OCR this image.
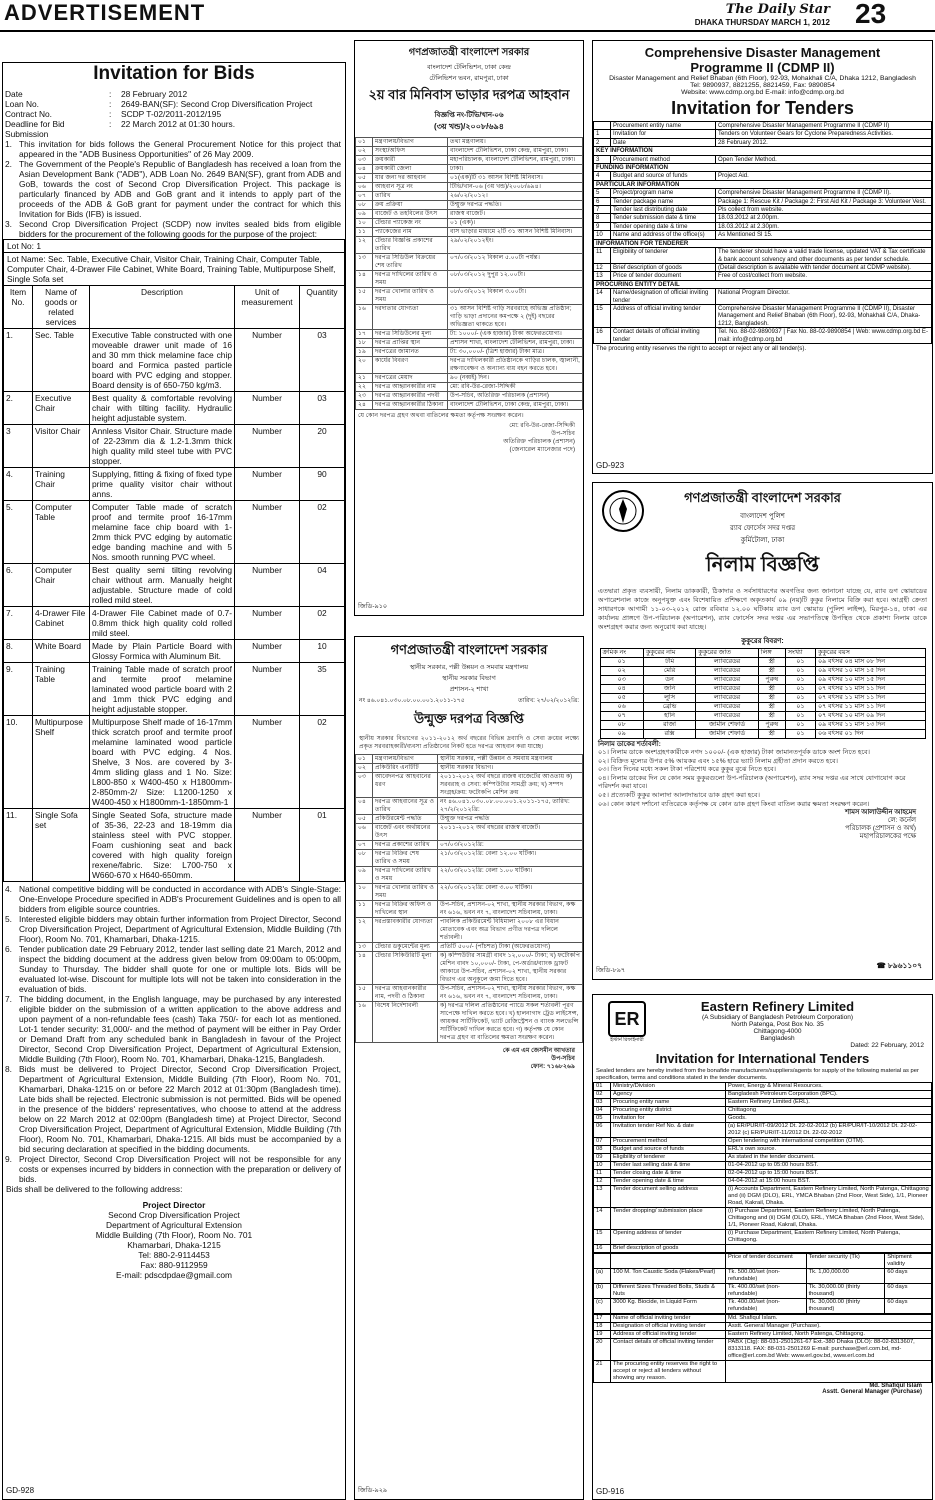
ADVERTISEMENT	The Daily Star
DHAKA THURSDAY MARCH 1, 2012 23
Invitation for Bids
Date	:	28 February 2012
Loan No.	:	2649-BAN(SF): Second Crop Diversification Project
Contract No.	:	SCDP T-02/2011-2012/195
Deadline for Bid Submission	:	22 March 2012 at 01:30 hours.

1. This invitation for bids follows the General Procurement Notice for this project that appeared in the "ADB Business Opportunities" of 26 May 2009.

2. The Government of the People's Republic of Bangladesh has received a loan from the Asian Development Bank ("ADB"), ADB Loan No. 2649 BAN(SF), grant from ADB and GoB, towards the cost of Second Crop Diversification Project. This package is particularly financed by ADB and GoB grant and it intends to apply part of the proceeds of the ADB & GoB grant for payment under the contract for which this Invitation for Bids (IFB) is issued.

3. Second Crop Diversification Project (SCDP) now invites sealed bids from eligible bidders for the procurement of the following goods for the purpose of the project:

Lot No: 1
Lot Name: Sec. Table, Executive Chair, Visitor Chair, Training Chair, Computer Table, Computer Chair, 4-Drawer File Cabinet, White Board, Training Table, Multipurpose Shelf, Single Sofa set
Item No.	Name of goods or related services	Description	Unit of measurement	Quantity
1.	Sec. Table	Executive Table constructed with one moveable drawer unit made of 16 and 30 mm thick melamine face chip board and Formica pasted particle board with PVC edging and stopper. Board density is of 650-750 kg/m3.	Number	03
2.	Executive Chair	Best quality & comfortable revolving chair with tilting facility. Hydraulic height adjustable system.	Number	03
3	Visitor Chair	Annless Visitor Chair. Structure made of 22-23mm dia & 1.2-1.3mm thick high quality mild steel tube with PVC stopper.	Number	20
4.	Training Chair	Supplying, fitting & fixing of fixed type prime quality visitor chair without anns.	Number	90
5.	Computer Table	Computer Table made of scratch proof and termite proof 16-17mm melamine face chip board with 1-2mm thick PVC edging by automatic edge banding machine and with 5 Nos. smooth running PVC wheel.	Number	02
6.	Computer Chair	Best quality semi tilting revolving chair without arm. Manually height adjustable. Structure made of cold rolled mild steel.	Number	04
7.	4-Drawer File Cabinet	4-Drawer File Cabinet made of 0.7-0.8mm thick high quality cold rolled mild steel.	Number	02
8.	White Board	Made by Plain Particle Board with Glossy Formica with Aluminum Bit.	Number	10
9.	Training Table	Training Table made of scratch proof and termite proof melamine laminated wood particle board with 2 and 1mm thick PVC edging and height adjustable stopper.	Number	35
10.	Multipurpose Shelf	Multipurpose Shelf made of 16-17mm thick scratch proof and termite proof melamine laminated wood particle board with PVC edging. 4 Nos. Shelve, 3 Nos. are covered by 3-4mm sliding glass and 1 No. Size: L800-850 x W400-450 x H1800mm-2-850mm-2/ Size: L1200-1250 x W400-450 x H1800mm-1-1850mm-1	Number	02
11.	Single Sofa set	Single Seated Sofa, structure made of 35-36, 22-23 and 18-19mm dia stainless steel with PVC stopper. Foam cushioning seat and back covered with high quality foreign rexene/fabric. Size: L700-750 x W660-670 x H640-650mm.	Number	01

4. National competitive bidding will be conducted in accordance with ADB's Single-Stage: One-Envelope Procedure specified in ADB's Procurement Guidelines and is open to all bidders from eligible source countries.

5. Interested eligible bidders may obtain further information from Project Director, Second Crop Diversification Project, Department of Agricultural Extension, Middle Building (7th Floor), Room No. 701, Khamarbari, Dhaka-1215.

6. Tender publication date 29 February 2012, tender last selling date 21 March, 2012 and inspect the bidding document at the address given below from 09:00am to 05:00pm, Sunday to Thursday. The bidder shall quote for one or multiple lots. Bids will be evaluated lot-wise. Discount for multiple lots will not be taken into consideration in the evaluation of bids.

7. The bidding document, in the English language, may be purchased by any interested eligible bidder on the submission of a written application to the above address and upon payment of a non-refundable fees (cash) Taka 750/- for each lot as mentioned. Lot-1 tender security: 31,000/- and the method of payment will be either in Pay Order or Demand Draft from any scheduled bank in Bangladesh in favour of the Project Director, Second Crop Diversification Project, Department of Agricultural Extension, Middle Building (7th Floor), Room No. 701, Khamarbari, Dhaka-1215, Bangladesh.

8. Bids must be delivered to Project Director, Second Crop Diversification Project, Department of Agricultural Extension, Middle Building (7th Floor), Room No. 701, Khamarbari, Dhaka-1215 on or before 22 March 2012 at 01:30pm (Bangladesh time). Late bids shall be rejected. Electronic submission is not permitted. Bids will be opened in the presence of the bidders' representatives, who choose to attend at the address below on 22 March 2012 at 02:00pm (Bangladesh time) at Project Director, Second Crop Diversification Project, Department of Agricultural Extension, Middle Building (7th Floor), Room No. 701, Khamarbari, Dhaka-1215. All bids must be accompanied by a bid securing declaration at specified in the bidding documents.

9. Project Director, Second Crop Diversification Project will not be responsible for any costs or expenses incurred by bidders in connection with the preparation or delivery of bids.

Bids shall be delivered to the following address:
Project Director
Second Crop Diversification Project
Department of Agricultural Extension
Middle Building (7th Floor), Room No. 701
Khamarbari, Dhaka-1215
Tel: 880-2-9114453
Fax: 880-9112959
E-mail: pdscdpdae@gmail.com
GD-928
গণপ্রজাতন্ত্রী বাংলাদেশ সরকার
বাংলাদেশ টেলিভিশন, ঢাকা কেন্দ্র
টেলিভিশন ভবন, রামপুরা, ঢাকা
২য় বার মিনিবাস ভাড়ার দরপত্র আহবান
বিজ্ঞপ্তি নং-টিভি/খান-০৬
(৩য় খন্ড)/২০০৮/৬৯৪
০১	মন্ত্রণালয়/বিভাগ	তথ্য মন্ত্রণালয়।
০২	সংস্থা/অফিস	বাংলাদেশ টেলিভিশন, ঢাকা কেন্দ্র, রামপুরা, ঢাকা।
০৩	ক্রয়কারী	মহাপরিচালক, বাংলাদেশ টেলিভিশন, রামপুরা, ঢাকা।
০৪	ক্রয়কারী জেলা	ঢাকা।
০৫	যার জন্য দর আহবান	০১(এক)টি ৩১ আসন বিশিষ্ট মিনিবাস।
০৬	আহবান সূত্র নং	টিভি/খান-০৬ (৩য় খন্ড)/২০০৮/৬৯৪।
০৭	তারিখ	২৬/০২/২০১২।
০৮	ক্রয় প্রক্রিয়া	উন্মুক্ত দরপত্র পদ্ধতি।
০৯	বাজেট ও তহবিলের উৎস	রাজস্ব বাজেট।
১০	টেন্ডার প্যাকেজ নং	০১ (এক)।
১১	প্যাকেজের নাম	বাস ভাড়ার মাধ্যমে ২টি ৩১ আসন বিশিষ্ট মিনিবাস।
১২	টেন্ডার বিজ্ঞপ্তি প্রকাশের তারিখ	২৯/০২/২০১২ইং।
১৩	দরপত্র সিডিউল বিক্রয়ের শেষ তারিখ	০৭/০৩/২০১২ বিকাল ৫.০০টা পর্যন্ত।
১৪	দরপত্র দাখিলের তারিখ ও সময়	০৮/০৩/২০১২ দুপুর ১২.০০টা।
১৫	দরপত্র খোলার তারিখ ও সময়	০৮/০৩/২০১২ বিকাল ৩.০০টা।
১৬	দরদাতার যোগ্যতা	৩১ আসন বিশিষ্ট গাড়ি সরবরাহে অভিজ্ঞ প্রতিষ্ঠান; গাড়ি ভাড়া প্রদানের কমপক্ষে ২ (দুই) বছরের অভিজ্ঞতা থাকতে হবে।
১৭	দরপত্র সিডিউলের মূল্য	টা: ১০০০/- (এক হাজার) টাকা অফেরতযোগ্য।
১৮	দরপত্র প্রাপ্তির স্থান	প্রশাসন শাখা, বাংলাদেশ টেলিভিশন, রামপুরা, ঢাকা।
১৯	দরপত্রের জামানত	টা: ৩০,০০০/- (ত্রিশ হাজার) টাকা মাত্র।
২০	কার্যের বিবরণ	দরপত্র দাখিলকারী প্রতিষ্ঠানকে গাড়ির চালক, জ্বালানী, রক্ষণাবেক্ষণ ও অন্যান্য ব্যয় বহন করতে হবে।
২১	দরপত্রের মেয়াদ	৯০ (নব্বই) দিন।
২২	দরপত্র আহ্বানকারীর নাম	মো: রবি-উর-রেজা-সিদ্দিকী
২৩	দরপত্র আহ্বানকারীর পদবী	উপ-সচিব, অতিরিক্ত পরিচালক (প্রশাসন)
২৪	দরপত্র আহ্বানকারীর ঠিকানা	বাংলাদেশ টেলিভিশন, ঢাকা কেন্দ্র, রামপুরা, ঢাকা।
যে কোন দরপত্র গ্রহণ অথবা বাতিলের ক্ষমতা কর্তৃপক্ষ সংরক্ষণ করেন।
মো: রবি-উর-রেজা-সিদ্দিকী
উপ-সচিব
অতিরিক্ত পরিচালক (প্রশাসন)
(জেনারেল ম্যানেজার পদে)
জিডি-৯১০
গণপ্রজাতন্ত্রী বাংলাদেশ সরকার
স্থানীয় সরকার, পল্লী উন্নয়ন ও সমবায় মন্ত্রণালয়
স্থানীয় সরকার বিভাগ
প্রশাসন-২ শাখা
নং ৪৬.০৪১.০৩০.০৮.০০.০০১.২০১১-১৭৫	তারিখ: ২৭/০২/২০১২খ্রি:
উন্মুক্ত দরপত্র বিজ্ঞপ্তি
স্থানীয় সরকার বিভাগের ২০১১-২০১২ অর্থ বছরের বিভিন্ন দ্রব্যাদি ও সেবা ক্রয়ের লক্ষ্যে প্রকৃত সরবরাহকারী/ব্যবসা প্রতিষ্ঠানের নিকট হতে দরপত্র আহবান করা যাচ্ছে।
০১	মন্ত্রণালয়/বিভাগ	স্থানীয় সরকার, পল্লী উন্নয়ন ও সমবায় মন্ত্রণালয়
০২	প্রকিউরিং এনটিটি	স্থানীয় সরকার বিভাগ।
০৩	আবেদনপত্র আহবানের ধরণ	২০১১-২০১২ অর্থ বছরে রাজস্ব বাজেটের আওতায় ক) সরবরাহ ও সেবা: কম্পিউটার সামগ্রী ক্রয়; খ) সম্পদ সংগ্রহ/ক্রয়: ফটোকপি মেশিন ক্রয়
০৪	দরপত্র আহবানের সূত্র ও তারিখ	নং ৪৬.০৪১.০৩০.০৮.০০.০০১.২০১১-১৭৫, তারিখ: ২৭/২/২০১২খ্রি:
০৫	প্রকিউরমেন্ট পদ্ধতি	উন্মুক্ত দরপত্র পদ্ধতি
০৬	বাজেট এবং অর্থায়নের উৎস	২০১১-২০১২ অর্থ বছরের রাজস্ব বাজেট।
০৭	দরপত্র প্রকাশের তারিখ	০৭/০৩/২০১২খ্রি:
০৮	দরপত্র বিক্রির শেষ তারিখ ও সময়	২১/০৩/২০১২খ্রি: বেলা ১২.০০ ঘটিকা।
০৯	দরপত্র দাখিলের তারিখ ও সময়	২২/০৩/২০১২খ্রি: বেলা ১.০০ ঘটিকা।
১০	দরপত্র খোলার তারিখ ও সময়	২২/০৩/২০১২খ্রি: বেলা ৩.০০ ঘটিকা।
১১	দরপত্র বিক্রির অফিস ও দাখিলের স্থান	উপ-সচিব, প্রশাসন-০২ শাখা, স্থানীয় সরকার বিভাগ, কক্ষ নং ৬১৬, ভবন নং ৭, বাংলাদেশ সচিবালয়, ঢাকা।
১২	দরপ্রস্তাবকারীর যোগ্যতা	পাবলিক প্রকিউরমেন্ট বিধিমালা ২০০৮ এর বিধান মোতাবেক এবং অত্র বিভাগ প্রণীত দরপত্র দলিলে শর্তাবলী।
১৩	টেন্ডার ডকুমেন্টের মূল্য	প্রতিটি ৫০০/- (পাঁচশত) টাকা (অফেরতযোগ্য)
১৪	টেন্ডার সিকিউরিটি মূল্য	ক) কম্পিউটার সামগ্রী বাবদ ১২,০০০/- টাকা; খ) ফটোকপি মেশিন বাবদ ১০,০০০/- টাকা, পে-অর্ডার/ব্যাংক ড্রাফট আকারে উপ-সচিব, প্রশাসন-০২ শাখা, স্থানীয় সরকার বিভাগ এর অনুকূলে জমা দিতে হবে।
১৫	দরপত্র আহবানকারীর নাম, পদবী ও ঠিকানা	উপ-সচিব, প্রশাসন-০২ শাখা, স্থানীয় সরকার বিভাগ, কক্ষ নং ৬১৬, ভবন নং ৭, বাংলাদেশ সচিবালয়, ঢাকা।
১৬	বিশেষ নির্দেশাবলী	ক) দরপত্র দলিল প্রতিষ্ঠানের প্যাডে সকল শর্তাবলী পূরণ সাপেক্ষে দাখিল করতে হবে। খ) হালনাগাদ ট্রেড লাইসেন্স, আয়কর সার্টিফিকেট, ভ্যাট রেজিস্ট্রেশন ও ব্যাংক সলভেন্সি সার্টিফিকেট দাখিল করতে হবে। গ) কর্তৃপক্ষ যে কোন দরপত্র গ্রহণ বা বাতিলের ক্ষমতা সংরক্ষণ করেন।
কে এম এম জেসমীন আখতার
উপ-সচিব
ফোন: ৭১৬৮২৬৯
জিডি-৯২৯
Comprehensive Disaster Management
Programme II (CDMP II)
Disaster Management and Relief Bhaban (6th Floor), 92-93, Mohakhali C/A, Dhaka 1212, Bangladesh
Tel: 9890937, 8821255, 8821459, Fax: 9890854
Website: www.cdmp.org.bd E-mail: info@cdmp.org.bd
Invitation for Tenders
	Procurement entity name	Comprehensive Disaster Management Programme II (CDMP II)
1	Invitation for	Tenders on Volunteer Gears for Cyclone Preparedness Activities.
2	Date	28 February 2012.
KEY INFORMATION		
3	Procurement method	Open Tender Method.
FUNDING INFORMATION		
4	Budget and source of funds	Project Aid.
PARTICULAR INFORMATION		
5	Project/program name	Comprehensive Disaster Management Programme II (CDMP II).
6	Tender package name	Package 1: Rescue Kit / Package 2: First Aid Kit / Package 3: Volunteer Vest.
7	Tender last distributing date	Pls collect from website.
8	Tender submission date & time	18.03.2012 at 2.00pm.
9	Tender opening date & time	18.03.2012 at 2.30pm.
10	Name and address of the office(s)	As Mentioned Sl 15.
INFORMATION FOR TENDERER		
11	Eligibility of tenderer	The tenderer should have a valid trade license, updated VAT & Tax certificate & bank account solvency and other documents as per tender schedule.
12	Brief description of goods	(Detail description is available with tender document at CDMP website).
13	Price of tender document	Free of cost/collect from website.
PROCURING ENTITY DETAIL		
14	Name/designation of official inviting tender	National Program Director.
15	Address of official inviting tender	Comprehensive Disaster Management Programme II (CDMP II), Disaster Management and Relief Bhaban (6th Floor), 92-93, Mohakhali C/A, Dhaka-1212, Bangladesh.
16	Contact details of official inviting tender	Tel. No. 88-02-9890937 | Fax No. 88-02-9890854 | Web: www.cdmp.org.bd E-mail: info@cdmp.org.bd
The procuring entity reserves the right to accept or reject any or all tender(s).
GD-923
গণপ্রজাতন্ত্রী বাংলাদেশ সরকার
বাংলাদেশ পুলিশ
র‌্যাব ফোর্সেস সদর দপ্তর
কুর্মিটোলা, ঢাকা
নিলাম বিজ্ঞপ্তি
এতদ্বারা প্রকৃত ব্যবসায়ী, নিলাম ডাককারী, ঠিকাদার ও সর্বসাধারণের অবগতির জন্য জানানো যাচ্ছে যে, র‌্যাব ডগ স্কোয়াডের অপারেশনাল কাজে অনুপযুক্ত এবং বিশেষায়িত প্রশিক্ষণে অকৃতকার্য ০৯ (নয়)টি কুকুর নিলামে বিক্রি করা হবে। আগ্রহী ক্রেতা সাধারণকে আগামী ১১-০৩-২০১২ রোজ রবিবার ১২.০০ ঘটিকায় র‌্যাব ডগ স্কোয়াড (পুলিশ লাইন্স), মিরপুর-১৪, ঢাকা এর কার্যালয় প্রাঙ্গণে উপ-পরিচালক (অপারেশন), র‌্যাব ফোর্সেস সদর দপ্তর এর সভাপতিত্বে উপস্থিত থেকে প্রকাশ্য নিলাম ডাকে অংশগ্রহণ করার জন্য অনুরোধ করা যাচ্ছে।
কুকুরের বিবরণ:
ক্রমিক নং	কুকুরের নাম	কুকুরের জাত	লিঙ্গ	সংখ্যা	কুকুরের বয়স
০১	টমি	ল্যাবরেডর	স্ত্রী	০১	০৯ বৎসর ০৪ মাস ০৮ দিন
০২	মেরি	ল্যাবরেডর	স্ত্রী	০১	০৯ বৎসর ১০ মাস ১৫ দিন
০৩	ডন	ল্যাবরেডর	পুরুষ	০১	০৯ বৎসর ১০ মাস ১৫ দিন
০৪	জনি	ল্যাবরেডর	স্ত্রী	০১	০৭ বৎসর ১১ মাস ১১ দিন
০৫	লুসি	ল্যাবরেডর	স্ত্রী	০১	০৭ বৎসর ১১ মাস ১১ দিন
০৬	ব্রেভি	ল্যাবরেডর	স্ত্রী	০১	০৭ বৎসর ১১ মাস ১১ দিন
০৭	হানি	ল্যাবরেডর	স্ত্রী	০১	০৭ বৎসর ১০ মাস ০৯ দিন
০৮	রাজা	জার্মান শেফার্ড	পুরুষ	০১	০৯ বৎসর ১১ মাস ১৩ দিন
০৯	রক্সি	জার্মান শেফার্ড	স্ত্রী	০১	০৬ বৎসর ০১ দিন
নিলাম ডাকের শর্তাবলী:
০১। নিলাম ডাকে অংশগ্রহণকারীকে নগদ ১০০০/- (এক হাজার) টাকা জামানতপূর্বক ডাকে অংশ নিতে হবে।
০২। বিক্রিত মূল্যের উপর ৫% আয়কর এবং ১৫% হারে ভ্যাট নিলাম গ্রহীতা প্রদান করতে হবে।
০৩। তিন দিনের মধ্যে সকল টাকা পরিশোধ করে কুকুর বুঝে নিতে হবে।
০৪। নিলাম ডাকের দিন যে কোন সময় কুকুরগুলো উপ-পরিচালক (অপারেশন), র‌্যাব সদর দপ্তর এর সাথে যোগাযোগ করে পরিদর্শন করা যাবে।
০৫। প্রত্যেকটি কুকুর আলাদা আলাদাভাবে ডাক গ্রহণ করা হবে।
০৬। কোন কারণ দর্শানো ব্যতিরেকে কর্তৃপক্ষ যে কোন ডাক গ্রহণ কিংবা বাতিল করার ক্ষমতা সংরক্ষণ করেন।
শামস আলাউদ্দীন আহমেদ
লে: কর্নেল
পরিচালক (প্রশাসন ও অর্থ)
মহাপরিচালকের পক্ষে
☎ ৮৯৬১১০৭
জিডি-৮৯৭
ER
ইস্টার্ন রিফাইনারী
Eastern Refinery Limited
(A Subsidiary of Bangladesh Petroleum Corporation)
North Patenga, Post Box No. 35
Chittagong-4000
Bangladesh
Dated: 22 February, 2012
Invitation for International Tenders
Sealed tenders are hereby invited from the bonafide manufacturers/suppliers/agents for supply of the following material as per specification, terms and conditions stated in the tender documents.
01	Ministry/Division	Power, Energy & Mineral Resources.
02	Agency	Bangladesh Petroleum Corporation (BPC).
03	Procuring entity name	Eastern Refinery Limited (ERL).
04	Procuring entity district	Chittagong
05	Invitation for	Goods.
06	Invitation tender Ref No. & date	(a) ER/PUR/IT-09/2012 Dt. 22-02-2012 (b) ER/PUR/IT-10/2012 Dt. 22-02-2012 (c) ER/PUR/IT-11/2012 Dt. 22-02-2012
07	Procurement method	Open tendering with international competition (OTM).
08	Budget and source of funds	ERL's own source.
09	Eligibility of tenderer	As stated in the tender document.
10	Tender last selling date & time	01-04-2012 up to 05:00 hours BST.
11	Tender closing date & time	02-04-2012 up to 15:00 hours BST.
12	Tender opening date & time	04-04-2012 at 15:00 hours BST.
13	Tender document selling address	(i) Accounts Department, Eastern Refinery Limited, North Patenga, Chittagong and (ii) DGM (DLO), ERL, YMCA Bhaban (2nd Floor, West Side), 1/1, Pioneer Road, Kakrail, Dhaka.
14	Tender dropping/ submission place	(i) Purchase Department, Eastern Refinery Limited, North Patenga, Chittagong and (ii) DGM (DLO), ERL, YMCA Bhaban (2nd Floor, West Side), 1/1, Pioneer Road, Kakrail, Dhaka.
15	Opening address of tender	(i) Purchase Department, Eastern Refinery Limited, North Patenga, Chittagong.
16	Brief description of goods	
		Price of tender document	Tender security (Tk)	Shipment validity
(a)	100 M. Ton Caustic Soda (Flakes/Pearl)	Tk. 500.00/set (non-refundable)	Tk. 1,00,000.00	60 days
(b)	Different Sizes Threaded Bolts, Studs & Nuts	Tk. 400.00/set (non-refundable)	Tk. 30,000.00 (thirty thousand)	60 days
(c)	3000 Kg. Biocide, in Liquid Form	Tk. 400.00/set (non-refundable)	Tk. 30,000.00 (thirty thousand)	60 days
17	Name of official inviting tender	Md. Shafiqul Islam.
18	Designation of official inviting tender	Asstt. General Manager (Purchase).
19	Address of official inviting tender	Eastern Refinery Limited, North Patenga, Chittagong.
20	Contact details of official inviting tender	PABX (Ctg): 88-031-2501261-67 Ext.-380 Dhaka (DLO): 88-02-8313607, 8313118. FAX: 88-031-2501269 E-mail: purchase@erl.com.bd, md-office@erl.com.bd Web: www.erl.gov.bd, www.erl.com.bd
21	The procuring entity reserves the right to accept or reject all tenders without showing any reason.	
Md. Shafiqul Islam
Asstt. General Manager (Purchase)
GD-916
